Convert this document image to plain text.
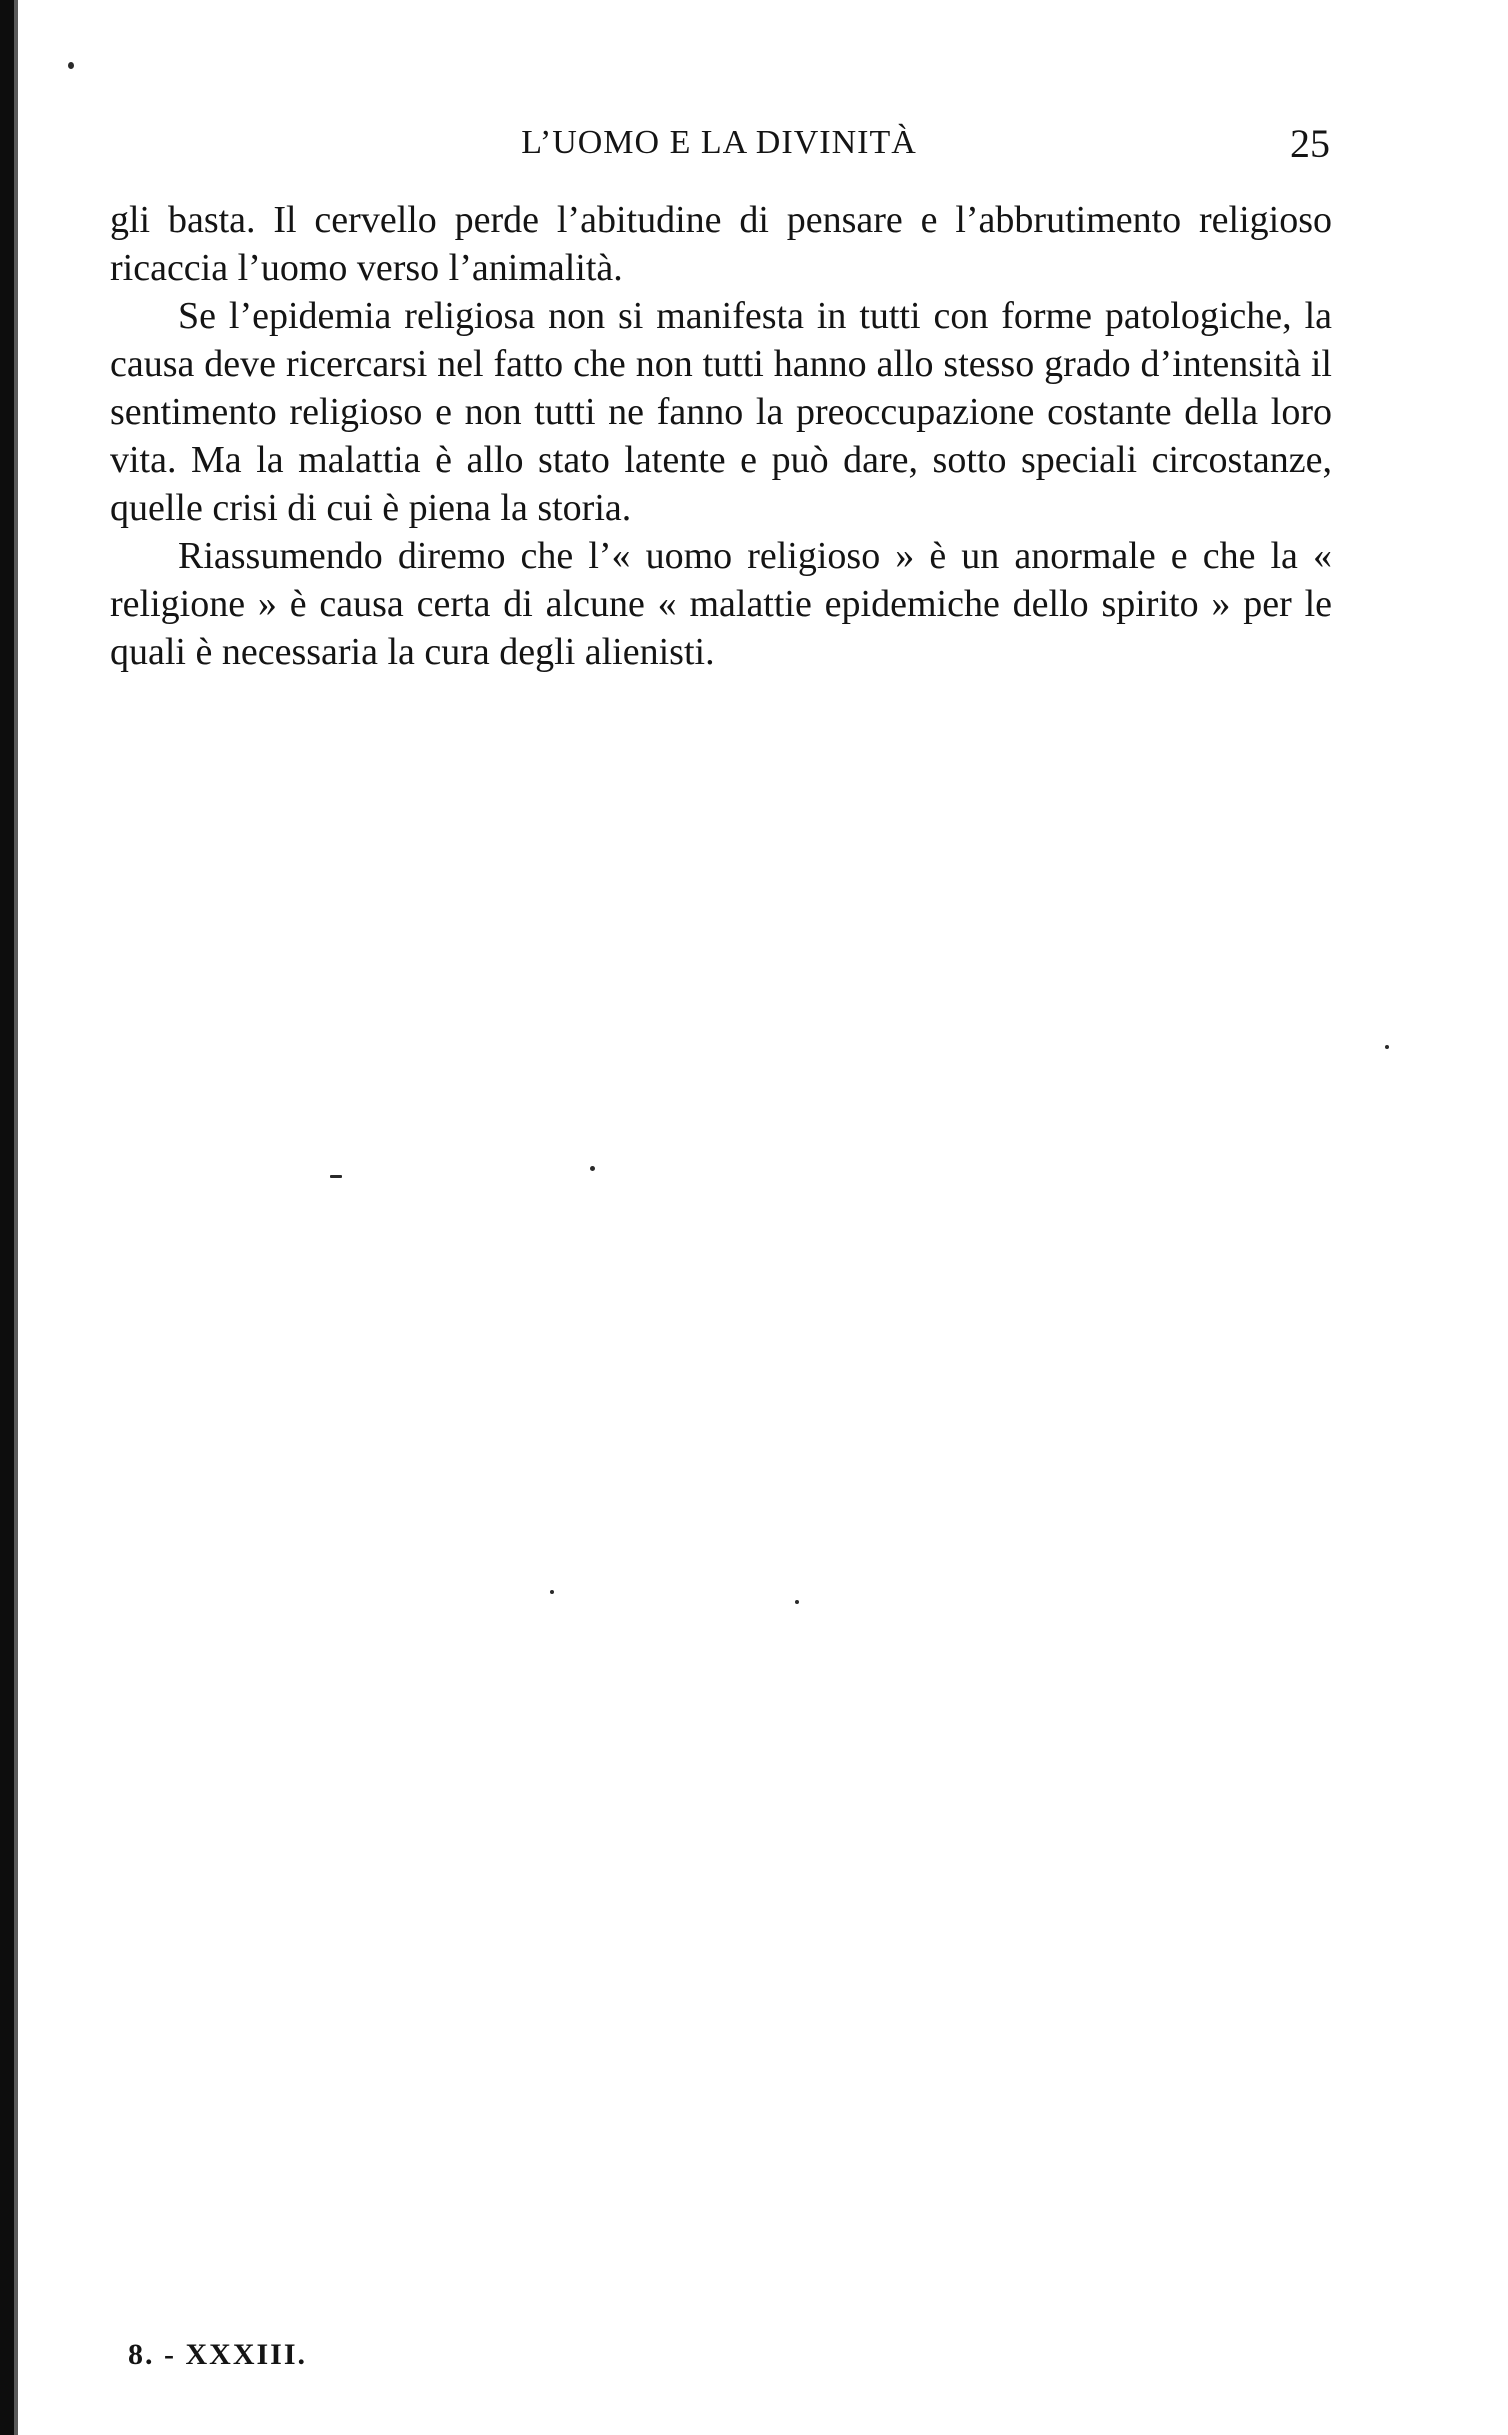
L’UOMO E LA DIVINITÀ	25

gli basta. Il cervello perde l’abitudine di pensare e l’abbrutimento religioso ricaccia l’uomo verso l’animalità.

Se l’epidemia religiosa non si manifesta in tutti con forme patologiche, la causa deve ricercarsi nel fatto che non tutti hanno allo stesso grado d’intensità il sentimento religioso e non tutti ne fanno la preoccupazione costante della loro vita. Ma la malattia è allo stato latente e può dare, sotto speciali circostanze, quelle crisi di cui è piena la storia.

Riassumendo diremo che l’« uomo religioso » è un anormale e che la « religione » è causa certa di alcune « malattie epidemiche dello spirito » per le quali è necessaria la cura degli alienisti.

8. - XXXIII.
